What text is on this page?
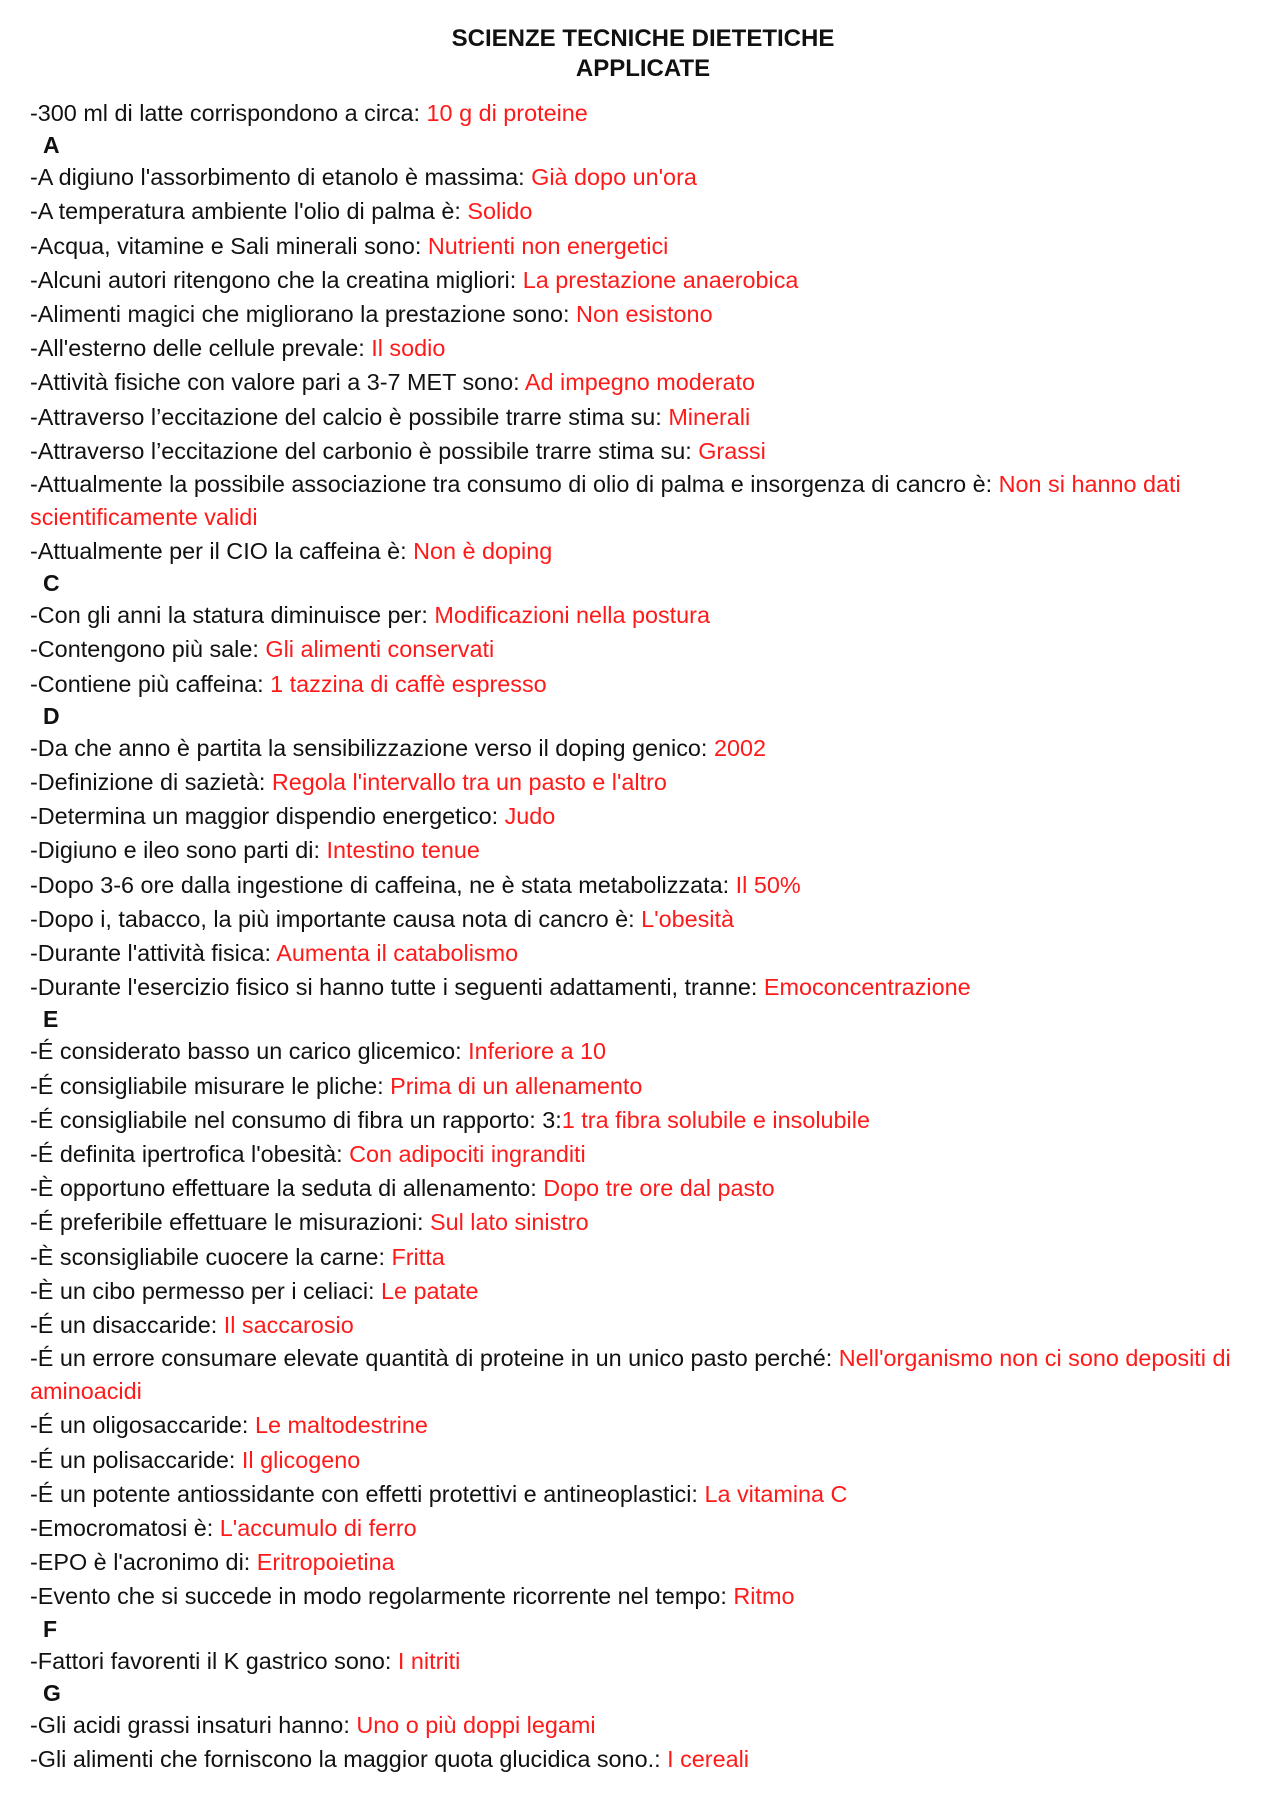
SCIENZE TECNICHE DIETETICHE
APPLICATE
-300 ml di latte corrispondono a circa: 10 g di proteine
A
-A digiuno l'assorbimento di etanolo è massima: Già dopo un'ora
-A temperatura ambiente l'olio di palma è: Solido
-Acqua, vitamine e Sali minerali sono: Nutrienti non energetici
-Alcuni autori ritengono che la creatina migliori: La prestazione anaerobica
-Alimenti magici che migliorano la prestazione sono: Non esistono
-All'esterno delle cellule prevale: Il sodio
-Attività fisiche con valore pari a 3-7 MET sono: Ad impegno moderato
-Attraverso l’eccitazione del calcio è possibile trarre stima su: Minerali
-Attraverso l’eccitazione del carbonio è possibile trarre stima su: Grassi
-Attualmente la possibile associazione tra consumo di olio di palma e insorgenza di cancro è: Non si hanno dati scientificamente validi
-Attualmente per il CIO la caffeina è: Non è doping
C
-Con gli anni la statura diminuisce per: Modificazioni nella postura
-Contengono più sale: Gli alimenti conservati
-Contiene più caffeina: 1 tazzina di caffè espresso
D
-Da che anno è partita la sensibilizzazione verso il doping genico: 2002
-Definizione di sazietà: Regola l'intervallo tra un pasto e l'altro
-Determina un maggior dispendio energetico: Judo
-Digiuno e ileo sono parti di: Intestino tenue
-Dopo 3-6 ore dalla ingestione di caffeina, ne è stata metabolizzata: Il 50%
-Dopo i, tabacco, la più importante causa nota di cancro è: L'obesità
-Durante l'attività fisica: Aumenta il catabolismo
-Durante l'esercizio fisico si hanno tutte i seguenti adattamenti, tranne: Emoconcentrazione
E
-É considerato basso un carico glicemico: Inferiore a 10
-É consigliabile misurare le pliche: Prima di un allenamento
-É consigliabile nel consumo di fibra un rapporto: 3:1 tra fibra solubile e insolubile
-É definita ipertrofica l'obesità: Con adipociti ingranditi
-È opportuno effettuare la seduta di allenamento: Dopo tre ore dal pasto
-É preferibile effettuare le misurazioni: Sul lato sinistro
-È sconsigliabile cuocere la carne: Fritta
-È un cibo permesso per i celiaci: Le patate
-É un disaccaride: Il saccarosio
-É un errore consumare elevate quantità di proteine in un unico pasto perché: Nell'organismo non ci sono depositi di aminoacidi
-É un oligosaccaride: Le maltodestrine
-É un polisaccaride: Il glicogeno
-É un potente antiossidante con effetti protettivi e antineoplastici: La vitamina C
-Emocromatosi è: L'accumulo di ferro
-EPO è l'acronimo di: Eritropoietina
-Evento che si succede in modo regolarmente ricorrente nel tempo: Ritmo
F
-Fattori favorenti il K gastrico sono: I nitriti
G
-Gli acidi grassi insaturi hanno: Uno o più doppi legami
-Gli alimenti che forniscono la maggior quota glucidica sono.: I cereali
